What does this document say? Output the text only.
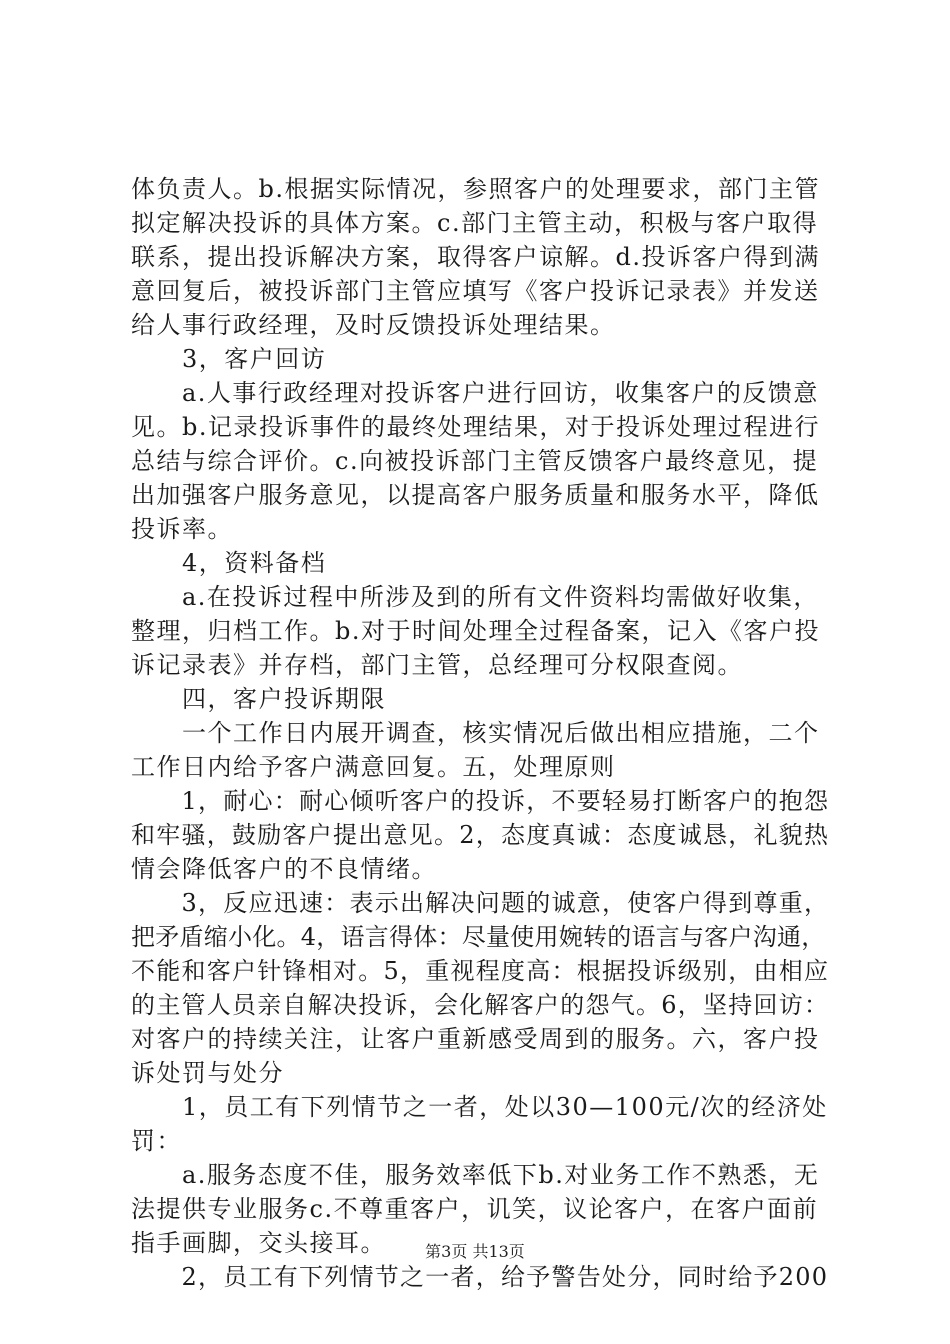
体负责人。b.根据实际情况，参照客户的处理要求，部门主管
拟定解决投诉的具体方案。c.部门主管主动，积极与客户取得
联系，提出投诉解决方案，取得客户谅解。d.投诉客户得到满
意回复后，被投诉部门主管应填写《客户投诉记录表》并发送
给人事行政经理，及时反馈投诉处理结果。
　　3，客户回访
　　a.人事行政经理对投诉客户进行回访，收集客户的反馈意
见。b.记录投诉事件的最终处理结果，对于投诉处理过程进行
总结与综合评价。c.向被投诉部门主管反馈客户最终意见，提
出加强客户服务意见，以提高客户服务质量和服务水平，降低
投诉率。
　　4，资料备档
　　a.在投诉过程中所涉及到的所有文件资料均需做好收集，
整理，归档工作。b.对于时间处理全过程备案，记入《客户投
诉记录表》并存档，部门主管，总经理可分权限查阅。
　　四，客户投诉期限
　　一个工作日内展开调查，核实情况后做出相应措施，二个
工作日内给予客户满意回复。五，处理原则
　　1，耐心：耐心倾听客户的投诉，不要轻易打断客户的抱怨
和牢骚，鼓励客户提出意见。2，态度真诚：态度诚恳，礼貌热
情会降低客户的不良情绪。
　　3，反应迅速：表示出解决问题的诚意，使客户得到尊重，
把矛盾缩小化。4，语言得体：尽量使用婉转的语言与客户沟通，
不能和客户针锋相对。5，重视程度高：根据投诉级别，由相应
的主管人员亲自解决投诉，会化解客户的怨气。6，坚持回访：
对客户的持续关注，让客户重新感受周到的服务。六，客户投
诉处罚与处分
　　1，员工有下列情节之一者，处以30—100元/次的经济处
罚：
　　a.服务态度不佳，服务效率低下b.对业务工作不熟悉，无
法提供专业服务c.不尊重客户，讥笑，议论客户，在客户面前
指手画脚，交头接耳。
　　2，员工有下列情节之一者，给予警告处分，同时给予200
第3页 共13页
